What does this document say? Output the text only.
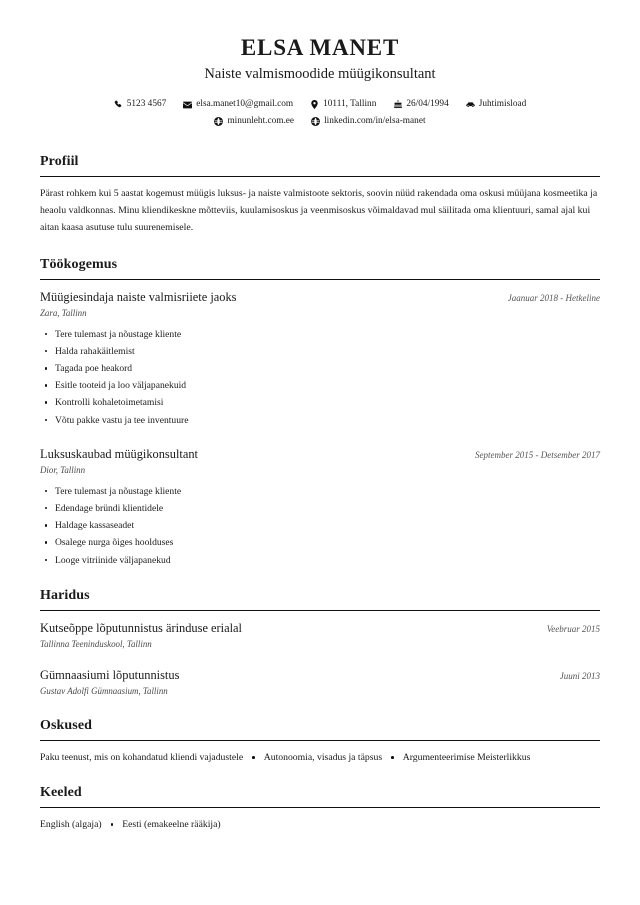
ELSA MANET
Naiste valmismoodide müügikonsultant
5123 4567	elsa.manet10@gmail.com	10111, Tallinn	26/04/1994	Juhtimisload
minunleht.com.ee	linkedin.com/in/elsa-manet
Profiil

Pärast rohkem kui 5 aastat kogemust müügis luksus- ja naiste valmistoote sektoris, soovin nüüd rakendada oma oskusi müüjana kosmeetika ja heaolu valdkonnas. Minu kliendikeskne mõtteviis, kuulamisoskus ja veenmisoskus võimaldavad mul säilitada oma klientuuri, samal ajal kui aitan kaasa asutuse tulu suurenemisele.

Töökogemus
Müügiesindaja naiste valmisriiete jaoks	Jaanuar 2018 - Hetkeline
Zara, Tallinn
Tere tulemast ja nõustage kliente
Halda rahakäitlemist
Tagada poe heakord
Esitle tooteid ja loo väljapanekuid
Kontrolli kohaletoimetamisi
Võtu pakke vastu ja tee inventuure
Luksuskaubad müügikonsultant	September 2015 - Detsember 2017
Dior, Tallinn
Tere tulemast ja nõustage kliente
Edendage bründi klientidele
Haldage kassaseadet
Osalege nurga õiges hoolduses
Looge vitriinide väljapanekud
Haridus
Kutseõppe lõputunnistus ärinduse erialal	Veebruar 2015
Tallinna Teeninduskool, Tallinn
Gümnaasiumi lõputunnistus	Juuni 2013
Gustav Adolfi Gümnaasium, Tallinn
Oskused
Paku teenust, mis on kohandatud kliendi vajadustele Autonoomia, visadus ja täpsus Argumenteerimise Meisterlikkus
Keeled
English (algaja) Eesti (emakeelne rääkija)
